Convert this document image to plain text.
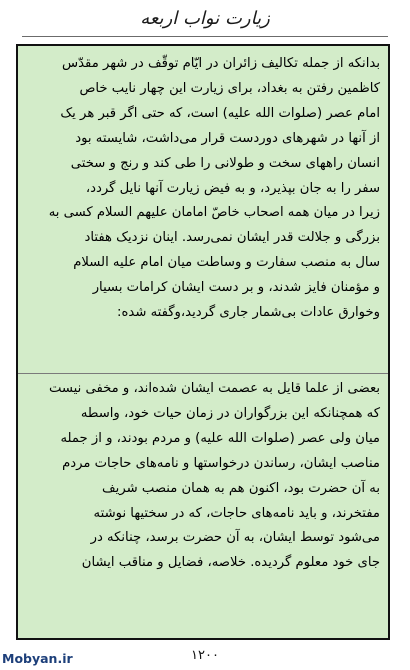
زیارت نواب اربعه
بدانکه از جمله تکالیف زائران در ایّام توقّف در شهر مقدّس
کاظمین رفتن به بغداد، برای زیارت این چهار نایب خاص
امام عصر (صلوات الله علیه) است، که حتی اگر قبر هر یک
از آنها در شهرهای دوردست قرار می‌داشت، شایسته بود
انسان راههای سخت و طولانی را طی کند و رنج و سختی
سفر را به جان بپذیرد، و به فیض زیارت آنها نایل گردد،
زیرا در میان همه اصحاب خاصّ امامان علیهم السلام کسی به
بزرگی و جلالت قدر ایشان نمی‌رسد. اینان نزدیک هفتاد
سال به منصب سفارت و وساطت میان امام علیه السلام
و مؤمنان فایز شدند، و بر دست ایشان کرامات بسیار
وخوارق عادات بی‌شمار جاری گردید،وگفته شده:
بعضی از علما قایل به عصمت ایشان شده‌اند، و مخفی نیست
که همچنانکه این بزرگواران در زمان حیات خود، واسطه
میان ولی عصر (صلوات الله علیه) و مردم بودند، و از جمله
مناصب ایشان، رساندن درخواستها و نامه‌های حاجات مردم
به آن حضرت بود، اکنون هم به همان منصب شریف
مفتخرند، و باید نامه‌های حاجات، که در سختیها نوشته
می‌شود توسط ایشان، به آن حضرت برسد، چنانکه در
جای خود معلوم گردیده. خلاصه، فضایل و مناقب ایشان
Mobyan.ir	۱۲۰۰
